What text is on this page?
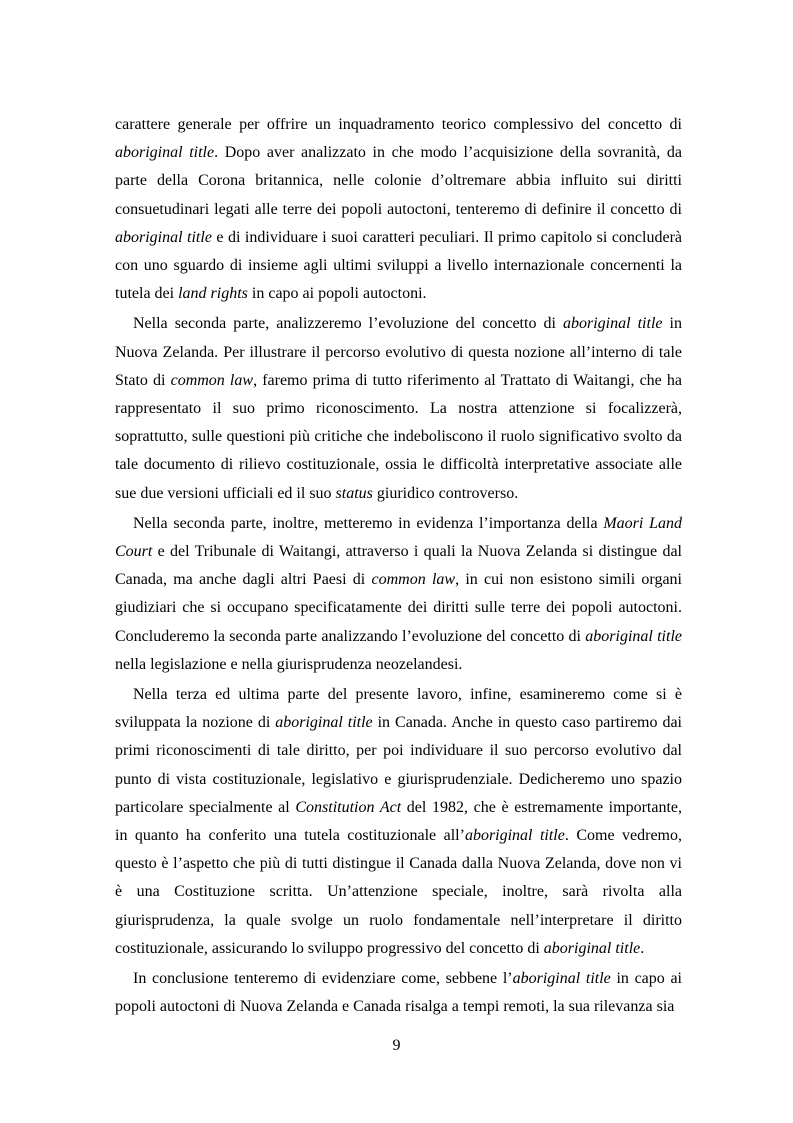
carattere generale per offrire un inquadramento teorico complessivo del concetto di aboriginal title. Dopo aver analizzato in che modo l’acquisizione della sovranità, da parte della Corona britannica, nelle colonie d’oltremare abbia influito sui diritti consuetudinari legati alle terre dei popoli autoctoni, tenteremo di definire il concetto di aboriginal title e di individuare i suoi caratteri peculiari. Il primo capitolo si concluderà con uno sguardo di insieme agli ultimi sviluppi a livello internazionale concernenti la tutela dei land rights in capo ai popoli autoctoni.

Nella seconda parte, analizzeremo l’evoluzione del concetto di aboriginal title in Nuova Zelanda. Per illustrare il percorso evolutivo di questa nozione all’interno di tale Stato di common law, faremo prima di tutto riferimento al Trattato di Waitangi, che ha rappresentato il suo primo riconoscimento. La nostra attenzione si focalizzerà, soprattutto, sulle questioni più critiche che indeboliscono il ruolo significativo svolto da tale documento di rilievo costituzionale, ossia le difficoltà interpretative associate alle sue due versioni ufficiali ed il suo status giuridico controverso.

Nella seconda parte, inoltre, metteremo in evidenza l’importanza della Maori Land Court e del Tribunale di Waitangi, attraverso i quali la Nuova Zelanda si distingue dal Canada, ma anche dagli altri Paesi di common law, in cui non esistono simili organi giudiziari che si occupano specificatamente dei diritti sulle terre dei popoli autoctoni. Concluderemo la seconda parte analizzando l’evoluzione del concetto di aboriginal title nella legislazione e nella giurisprudenza neozelandesi.

Nella terza ed ultima parte del presente lavoro, infine, esamineremo come si è sviluppata la nozione di aboriginal title in Canada. Anche in questo caso partiremo dai primi riconoscimenti di tale diritto, per poi individuare il suo percorso evolutivo dal punto di vista costituzionale, legislativo e giurisprudenziale. Dedicheremo uno spazio particolare specialmente al Constitution Act del 1982, che è estremamente importante, in quanto ha conferito una tutela costituzionale all’aboriginal title. Come vedremo, questo è l’aspetto che più di tutti distingue il Canada dalla Nuova Zelanda, dove non vi è una Costituzione scritta. Un’attenzione speciale, inoltre, sarà rivolta alla giurisprudenza, la quale svolge un ruolo fondamentale nell’interpretare il diritto costituzionale, assicurando lo sviluppo progressivo del concetto di aboriginal title.

In conclusione tenteremo di evidenziare come, sebbene l’aboriginal title in capo ai popoli autoctoni di Nuova Zelanda e Canada risalga a tempi remoti, la sua rilevanza sia

9
